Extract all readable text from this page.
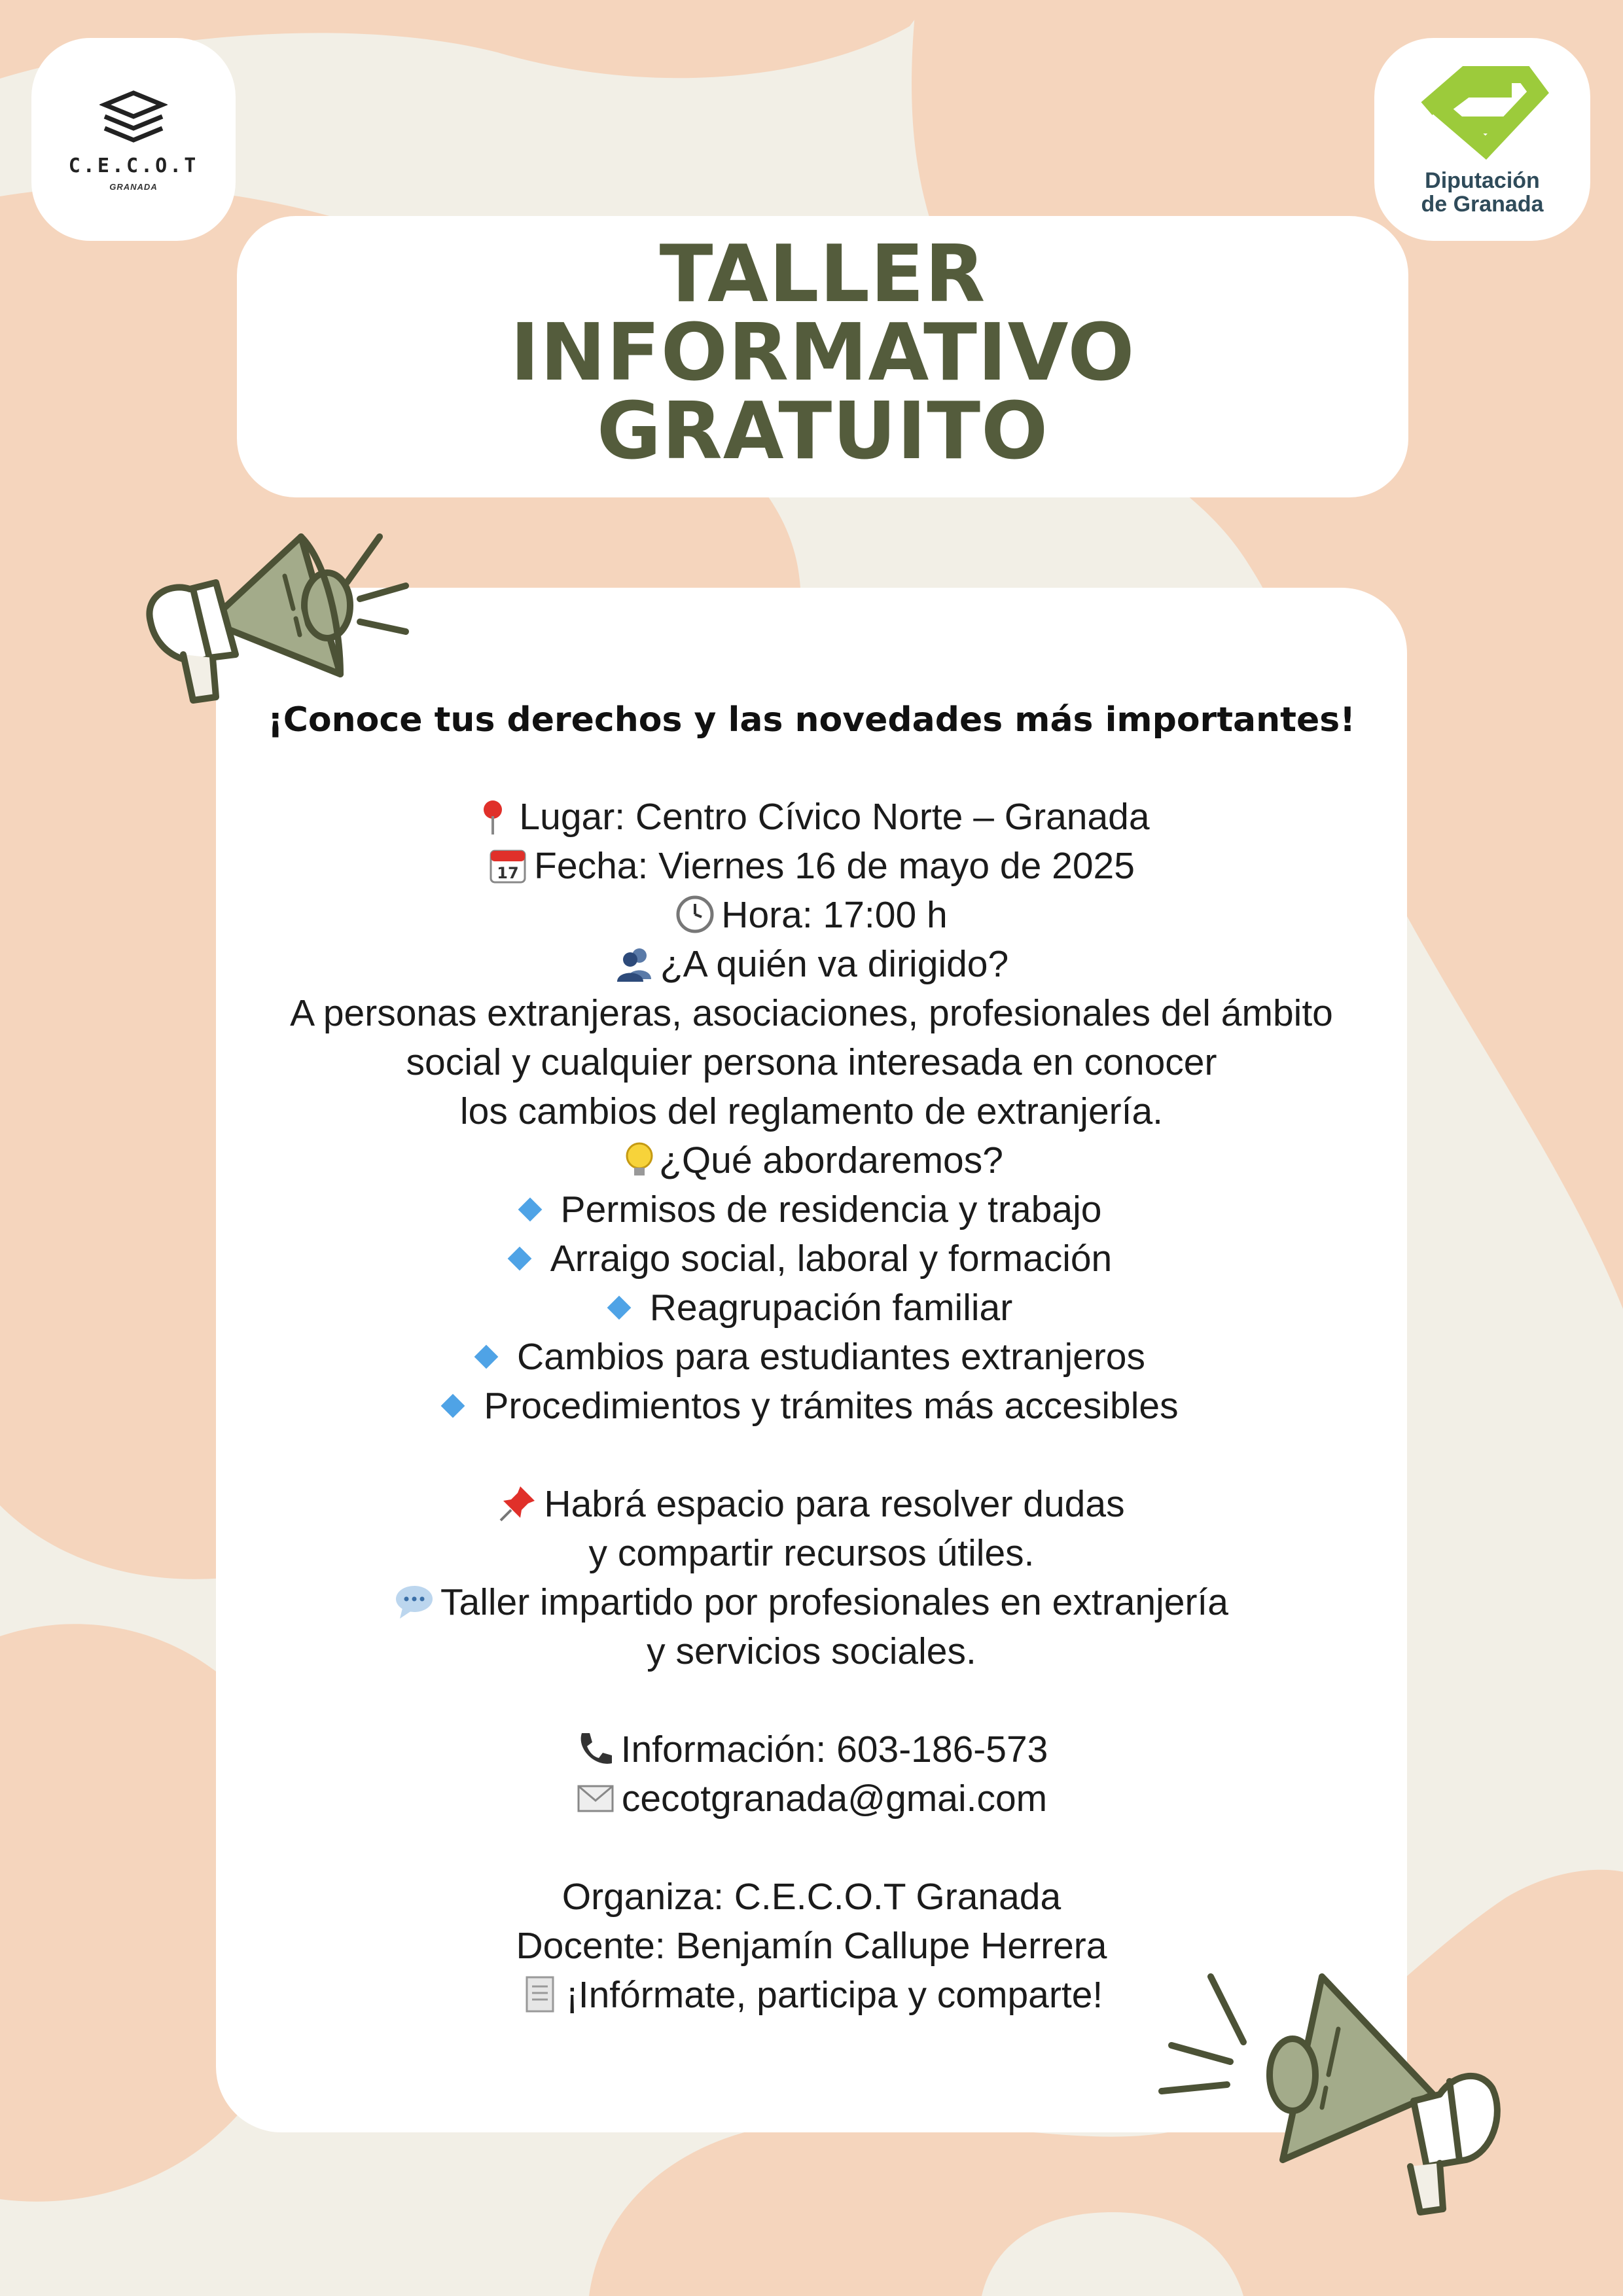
C.E.C.O.T
GRANADA	Diputación
de Granada
TALLER
INFORMATIVO
GRATUITO
¡Conoce tus derechos y las novedades más importantes!
Lugar: Centro Cívico Norte – Granada
17 Fecha: Viernes 16 de mayo de 2025
Hora: 17:00 h
¿A quién va dirigido?
A personas extranjeras, asociaciones, profesionales del ámbito
social y cualquier persona interesada en conocer
los cambios del reglamento de extranjería.
¿Qué abordaremos?
Permisos de residencia y trabajo
Arraigo social, laboral y formación
Reagrupación familiar
Cambios para estudiantes extranjeros
Procedimientos y trámites más accesibles
Habrá espacio para resolver dudas
y compartir recursos útiles.
Taller impartido por profesionales en extranjería
y servicios sociales.
Información: 603-186-573
cecotgranada@gmai.com
Organiza: C.E.C.O.T Granada
Docente: Benjamín Callupe Herrera
¡Infórmate, participa y comparte!
